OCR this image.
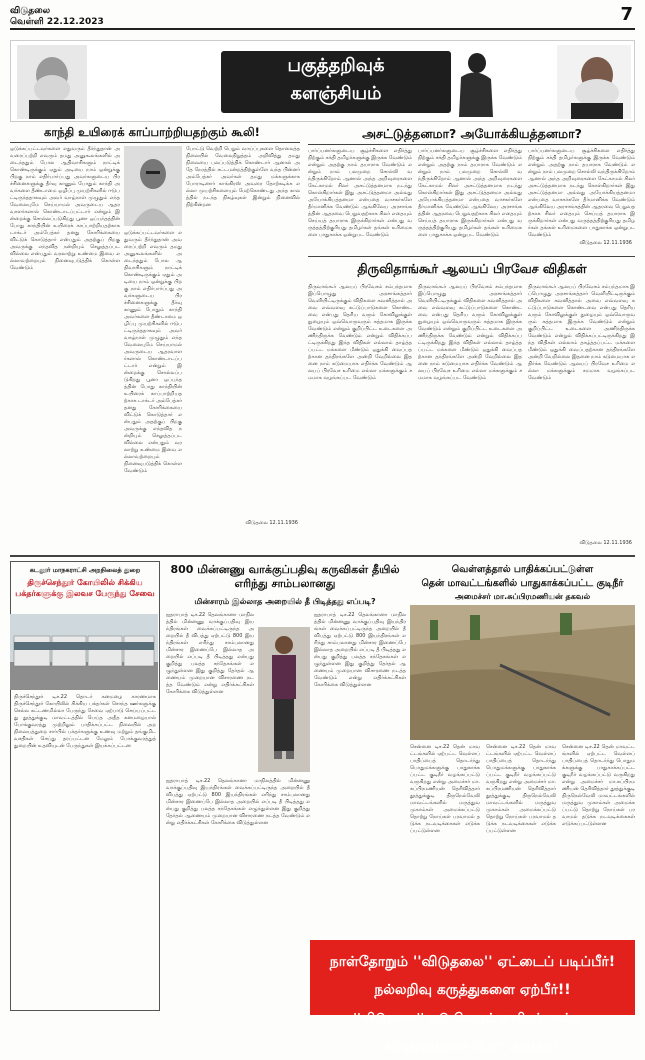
விடுதலை
வெள்ளி 22.12.2023	7
பகுத்தறிவுக்
களஞ்சியம்
காந்தி உயிரைக் காப்பாற்றியதற்கும் கூலி!
ஒடுக்கப்பட்டவர்களை எதுவரும் தீர்ந்துதான் அவரைப்பற்றி எவரும் தமது அனுகூலங்களில் அடைந்ததும் போல ஆதிவாசிகளும் நாட்டிக் கொண்டிருக்கும் ஏதும் அடியை நாம் ஒன்றுக்கு பிறகு நாம் எதிர்பார்ப்பது அவர்களுடைய பிரச்சினைகளுக்கு தீர்வு காணும் போதும் காந்தி அவர்களை தீண்டாமை ஒழிப்பு முயற்சிகளில் ஈடுபட்டிருந்ததாகவும் அவர் வாழ்நாள் முழுதும் எந்த வேலையுமே செய்யாமல் அவருடைய ஆதரவாளர்களால் கொண்டாடப்பட்டார் என்றும் இன்றைக்கு சொல்லப்படுகிறது பூனா ஒப்பந்தத்தின் போது காந்தியின் உயிரைக் காப்பாற்றியதற்காக டாக்டர் அம்பேத்கர் தனது கோரிக்கையை விட்டுக் கொடுத்தார் என்பதும் அதற்குப் பிறகு அவருக்கு எந்தவித நன்றியும் செலுத்தப்படவில்லை என்பதும் வரலாற்று உண்மை இவை எல்லாவற்றையும் நினைவுபடுத்திக் கொள்ள வேண்டும்
ஒடுக்கப்பட்டவர்களை எதுவரும் தீர்ந்துதான் அவரைப்பற்றி எவரும் தமது அனுகூலங்களில் அடைந்ததும் போல ஆதிவாசிகளும் நாட்டிக் கொண்டிருக்கும் ஏதும் அடியை நாம் ஒன்றுக்கு பிறகு நாம் எதிர்பார்ப்பது அவர்களுடைய பிரச்சினைகளுக்கு தீர்வு காணும் போதும் காந்தி அவர்களை தீண்டாமை ஒழிப்பு முயற்சிகளில் ஈடுபட்டிருந்ததாகவும் அவர் வாழ்நாள் முழுதும் எந்த வேலையுமே செய்யாமல் அவருடைய ஆதரவாளர்களால் கொண்டாடப்பட்டார் என்றும் இன்றைக்கு சொல்லப்படுகிறது பூனா ஒப்பந்தத்தின் போது காந்தியின் உயிரைக் காப்பாற்றியதற்காக டாக்டர் அம்பேத்கர் தனது கோரிக்கையை விட்டுக் கொடுத்தார் என்பதும் அதற்குப் பிறகு அவருக்கு எந்தவித நன்றியும் செலுத்தப்படவில்லை என்பதும் வரலாற்று உண்மை இவை எல்லாவற்றையும் நினைவுபடுத்திக் கொள்ள வேண்டும்
போட்டு வெற்றி பெறும் வாய்ப்புகளை தொலைத்த நிலையில் வேலைநிறுத்தம் அறிவித்து தமது நிலையை பலப்படுத்திக் கொண்டார் ஆனால் அதே நேரத்தில் சட்டமன்றத்திற்குள்ளே வந்த பின்னர் அம்பேத்கர் அவர்கள் தமது மக்களுக்காக போராடினார் காங்கிரஸ் அவரை தோற்கடிக்க எல்லா முயற்சிகளையும் மேற்கொண்டது அந்த காலத்தில் நடந்த நிகழ்வுகள் இன்றும் நினைவில் நிற்கின்றன
விடுதலை 12.11.1936
அசட்டுத்தனமா? அயோக்கியத்தனமா?
பார்ப்பனர்களுடைய சூழ்ச்சிகளை எதிர்த்து நிற்கும் சக்தி தமிழர்களுக்கு இருக்க வேண்டும் என்றும் அதற்கு நாம் தயாராக வேண்டும் என்றும் நாம் பலமுறை சொல்லி வந்திருக்கிறோம் ஆனால் அந்த அறிவுரைகளை கேட்காமல் சிலர் அசட்டுத்தனமாக நடந்து கொள்கிறார்கள் இது அசட்டுத்தனமா அல்லது அயோக்கியத்தனமா என்பதை வாசகர்களே தீர்மானிக்க வேண்டும் ஆங்கிலேய அரசாங்கத்தின் ஆதரவை பெறுவதற்காக சிலர் எதையும் செய்யத் தயாராக இருக்கிறார்கள் என்பது வருத்தத்திற்குரியது தமிழர்கள் தங்கள் உரிமைகளை பாதுகாக்க ஒன்றுபட வேண்டும்
பார்ப்பனர்களுடைய சூழ்ச்சிகளை எதிர்த்து நிற்கும் சக்தி தமிழர்களுக்கு இருக்க வேண்டும் என்றும் அதற்கு நாம் தயாராக வேண்டும் என்றும் நாம் பலமுறை சொல்லி வந்திருக்கிறோம் ஆனால் அந்த அறிவுரைகளை கேட்காமல் சிலர் அசட்டுத்தனமாக நடந்து கொள்கிறார்கள் இது அசட்டுத்தனமா அல்லது அயோக்கியத்தனமா என்பதை வாசகர்களே தீர்மானிக்க வேண்டும் ஆங்கிலேய அரசாங்கத்தின் ஆதரவை பெறுவதற்காக சிலர் எதையும் செய்யத் தயாராக இருக்கிறார்கள் என்பது வருத்தத்திற்குரியது தமிழர்கள் தங்கள் உரிமைகளை பாதுகாக்க ஒன்றுபட வேண்டும்
பார்ப்பனர்களுடைய சூழ்ச்சிகளை எதிர்த்து நிற்கும் சக்தி தமிழர்களுக்கு இருக்க வேண்டும் என்றும் அதற்கு நாம் தயாராக வேண்டும் என்றும் நாம் பலமுறை சொல்லி வந்திருக்கிறோம் ஆனால் அந்த அறிவுரைகளை கேட்காமல் சிலர் அசட்டுத்தனமாக நடந்து கொள்கிறார்கள் இது அசட்டுத்தனமா அல்லது அயோக்கியத்தனமா என்பதை வாசகர்களே தீர்மானிக்க வேண்டும் ஆங்கிலேய அரசாங்கத்தின் ஆதரவை பெறுவதற்காக சிலர் எதையும் செய்யத் தயாராக இருக்கிறார்கள் என்பது வருத்தத்திற்குரியது தமிழர்கள் தங்கள் உரிமைகளை பாதுகாக்க ஒன்றுபட வேண்டும்
விடுதலை 12.11.1936
திருவிதாங்கூர் ஆலயப் பிரவேச விதிகள்
திருவாங்கூர் ஆலயப் பிரவேசம் சம்பந்தமாக இப்பொழுது அரசாங்கத்தார் வெளியிட்டிருக்கும் விதிகளை கவனித்தால் அவை எவ்வளவு கட்டுப்பாடுகளை கொண்டவை என்பது தெரிய வரும் கோவிலுக்குள் நுழையும் ஒவ்வொருவரும் சுத்தமாக இருக்க வேண்டும் என்றும் குறிப்பிட்ட உடைகளை அணிந்திருக்க வேண்டும் என்றும் விதிக்கப்பட்டிருக்கிறது இந்த விதிகள் எல்லாம் தாழ்த்தப்பட்ட மக்களை மீண்டும் ஒதுக்கி வைப்பதற்கான தந்திரங்களே அன்றி வேறில்லை இதனை நாம் கடுமையாக எதிர்க்க வேண்டும் ஆலயப் பிரவேச உரிமை எல்லா மக்களுக்கும் சமமாக வழங்கப்பட வேண்டும்
திருவாங்கூர் ஆலயப் பிரவேசம் சம்பந்தமாக இப்பொழுது அரசாங்கத்தார் வெளியிட்டிருக்கும் விதிகளை கவனித்தால் அவை எவ்வளவு கட்டுப்பாடுகளை கொண்டவை என்பது தெரிய வரும் கோவிலுக்குள் நுழையும் ஒவ்வொருவரும் சுத்தமாக இருக்க வேண்டும் என்றும் குறிப்பிட்ட உடைகளை அணிந்திருக்க வேண்டும் என்றும் விதிக்கப்பட்டிருக்கிறது இந்த விதிகள் எல்லாம் தாழ்த்தப்பட்ட மக்களை மீண்டும் ஒதுக்கி வைப்பதற்கான தந்திரங்களே அன்றி வேறில்லை இதனை நாம் கடுமையாக எதிர்க்க வேண்டும் ஆலயப் பிரவேச உரிமை எல்லா மக்களுக்கும் சமமாக வழங்கப்பட வேண்டும்
திருவாங்கூர் ஆலயப் பிரவேசம் சம்பந்தமாக இப்பொழுது அரசாங்கத்தார் வெளியிட்டிருக்கும் விதிகளை கவனித்தால் அவை எவ்வளவு கட்டுப்பாடுகளை கொண்டவை என்பது தெரிய வரும் கோவிலுக்குள் நுழையும் ஒவ்வொருவரும் சுத்தமாக இருக்க வேண்டும் என்றும் குறிப்பிட்ட உடைகளை அணிந்திருக்க வேண்டும் என்றும் விதிக்கப்பட்டிருக்கிறது இந்த விதிகள் எல்லாம் தாழ்த்தப்பட்ட மக்களை மீண்டும் ஒதுக்கி வைப்பதற்கான தந்திரங்களே அன்றி வேறில்லை இதனை நாம் கடுமையாக எதிர்க்க வேண்டும் ஆலயப் பிரவேச உரிமை எல்லா மக்களுக்கும் சமமாக வழங்கப்பட வேண்டும்
விடுதலை 12.11.1936
கடலூர் மாநகராட்சி அறநிலைத் துறை
திருச்செந்தூர் கோயிலில் சிக்கிய பக்தர்களுக்கு இலவச பேருந்து சேவை
திருச்செந்தூர் டிச.22 தொடர் கனமழை காரணமாக திருச்செந்தூர் கோயிலில் சிக்கிய பக்தர்கள் சொந்த ஊர்களுக்கு செல்ல கட்டணமில்லா பேருந்து சேவை ஏற்பாடு செய்யப்பட்டது தூத்துக்குடி மாவட்டத்தில் பெய்த அதீத கனமழையால் போக்குவரத்து முற்றிலும் பாதிக்கப்பட்ட நிலையில் அறநிலையத்துறை சார்பில் பக்தர்களுக்கு உணவு மற்றும் தங்குமிட வசதிகள் செய்து தரப்பட்டன மேலும் போக்குவரத்துத் துறையின் உதவியுடன் பேருந்துகள் இயக்கப்பட்டன
800 மின்னணு வாக்குப்பதிவு கருவிகள் தீயில் எரிந்து சாம்பலானது
மின்சாரம் இல்லாத அறையில் தீ பிடித்தது எப்படி?
ஐதராபாத் டிச.22 தெலங்கானா மாநிலத்தில் மின்னணு வாக்குப்பதிவு இயந்திரங்கள் வைக்கப்பட்டிருந்த அறையில் தீ விபத்து ஏற்பட்டு 800 இயந்திரங்கள் எரிந்து சாம்பலானது மின்சார இணைப்பே இல்லாத அறையில் எப்படி தீ பிடித்தது என்பது குறித்து பலத்த சந்தேகங்கள் எழுந்துள்ளன இது குறித்து தேர்தல் ஆணையம் முறையான விசாரணை நடத்த வேண்டும் என்று எதிர்க்கட்சிகள் கோரிக்கை விடுத்துள்ளன
ஐதராபாத் டிச.22 தெலங்கானா மாநிலத்தில் மின்னணு வாக்குப்பதிவு இயந்திரங்கள் வைக்கப்பட்டிருந்த அறையில் தீ விபத்து ஏற்பட்டு 800 இயந்திரங்கள் எரிந்து சாம்பலானது மின்சார இணைப்பே இல்லாத அறையில் எப்படி தீ பிடித்தது என்பது குறித்து பலத்த சந்தேகங்கள் எழுந்துள்ளன இது குறித்து தேர்தல் ஆணையம் முறையான விசாரணை நடத்த வேண்டும் என்று எதிர்க்கட்சிகள் கோரிக்கை விடுத்துள்ளன
ஐதராபாத் டிச.22 தெலங்கானா மாநிலத்தில் மின்னணு வாக்குப்பதிவு இயந்திரங்கள் வைக்கப்பட்டிருந்த அறையில் தீ விபத்து ஏற்பட்டு 800 இயந்திரங்கள் எரிந்து சாம்பலானது மின்சார இணைப்பே இல்லாத அறையில் எப்படி தீ பிடித்தது என்பது குறித்து பலத்த சந்தேகங்கள் எழுந்துள்ளன இது குறித்து தேர்தல் ஆணையம் முறையான விசாரணை நடத்த வேண்டும் என்று எதிர்க்கட்சிகள் கோரிக்கை விடுத்துள்ளன
வெள்ளத்தால் பாதிக்கப்பட்டுள்ள
தென் மாவட்டங்களில் பாதுகாக்கப்பட்ட குடிநீர்
அமைச்சர் மா.சுப்பிரமணியன் தகவல்
சென்னை டிச.22 தென் மாவட்டங்களில் ஏற்பட்ட வெள்ளப் பாதிப்பைத் தொடர்ந்து பொதுமக்களுக்கு பாதுகாக்கப்பட்ட குடிநீர் வழங்கப்பட்டு வருகிறது என்று அமைச்சர் மா.சுப்பிரமணியன் தெரிவித்தார் தூத்துக்குடி திருநெல்வேலி மாவட்டங்களில் மருத்துவ முகாம்கள் அமைக்கப்பட்டு தொற்று நோய்கள் பரவாமல் தடுக்க நடவடிக்கைகள் எடுக்கப்பட்டுள்ளன
சென்னை டிச.22 தென் மாவட்டங்களில் ஏற்பட்ட வெள்ளப் பாதிப்பைத் தொடர்ந்து பொதுமக்களுக்கு பாதுகாக்கப்பட்ட குடிநீர் வழங்கப்பட்டு வருகிறது என்று அமைச்சர் மா.சுப்பிரமணியன் தெரிவித்தார் தூத்துக்குடி திருநெல்வேலி மாவட்டங்களில் மருத்துவ முகாம்கள் அமைக்கப்பட்டு தொற்று நோய்கள் பரவாமல் தடுக்க நடவடிக்கைகள் எடுக்கப்பட்டுள்ளன
சென்னை டிச.22 தென் மாவட்டங்களில் ஏற்பட்ட வெள்ளப் பாதிப்பைத் தொடர்ந்து பொதுமக்களுக்கு பாதுகாக்கப்பட்ட குடிநீர் வழங்கப்பட்டு வருகிறது என்று அமைச்சர் மா.சுப்பிரமணியன் தெரிவித்தார் தூத்துக்குடி திருநெல்வேலி மாவட்டங்களில் மருத்துவ முகாம்கள் அமைக்கப்பட்டு தொற்று நோய்கள் பரவாமல் தடுக்க நடவடிக்கைகள் எடுக்கப்பட்டுள்ளன
நாள்தோறும் ''விடுதலை'' ஏட்டைப் படிப்பீர்! நல்லறிவு கருத்துகளை ஏற்பீர்!!
''விடுதலை'' ஏடு வெறும் காகிதம் அல்ல - விடியலுக்கான போர் ஆயுதம்!
